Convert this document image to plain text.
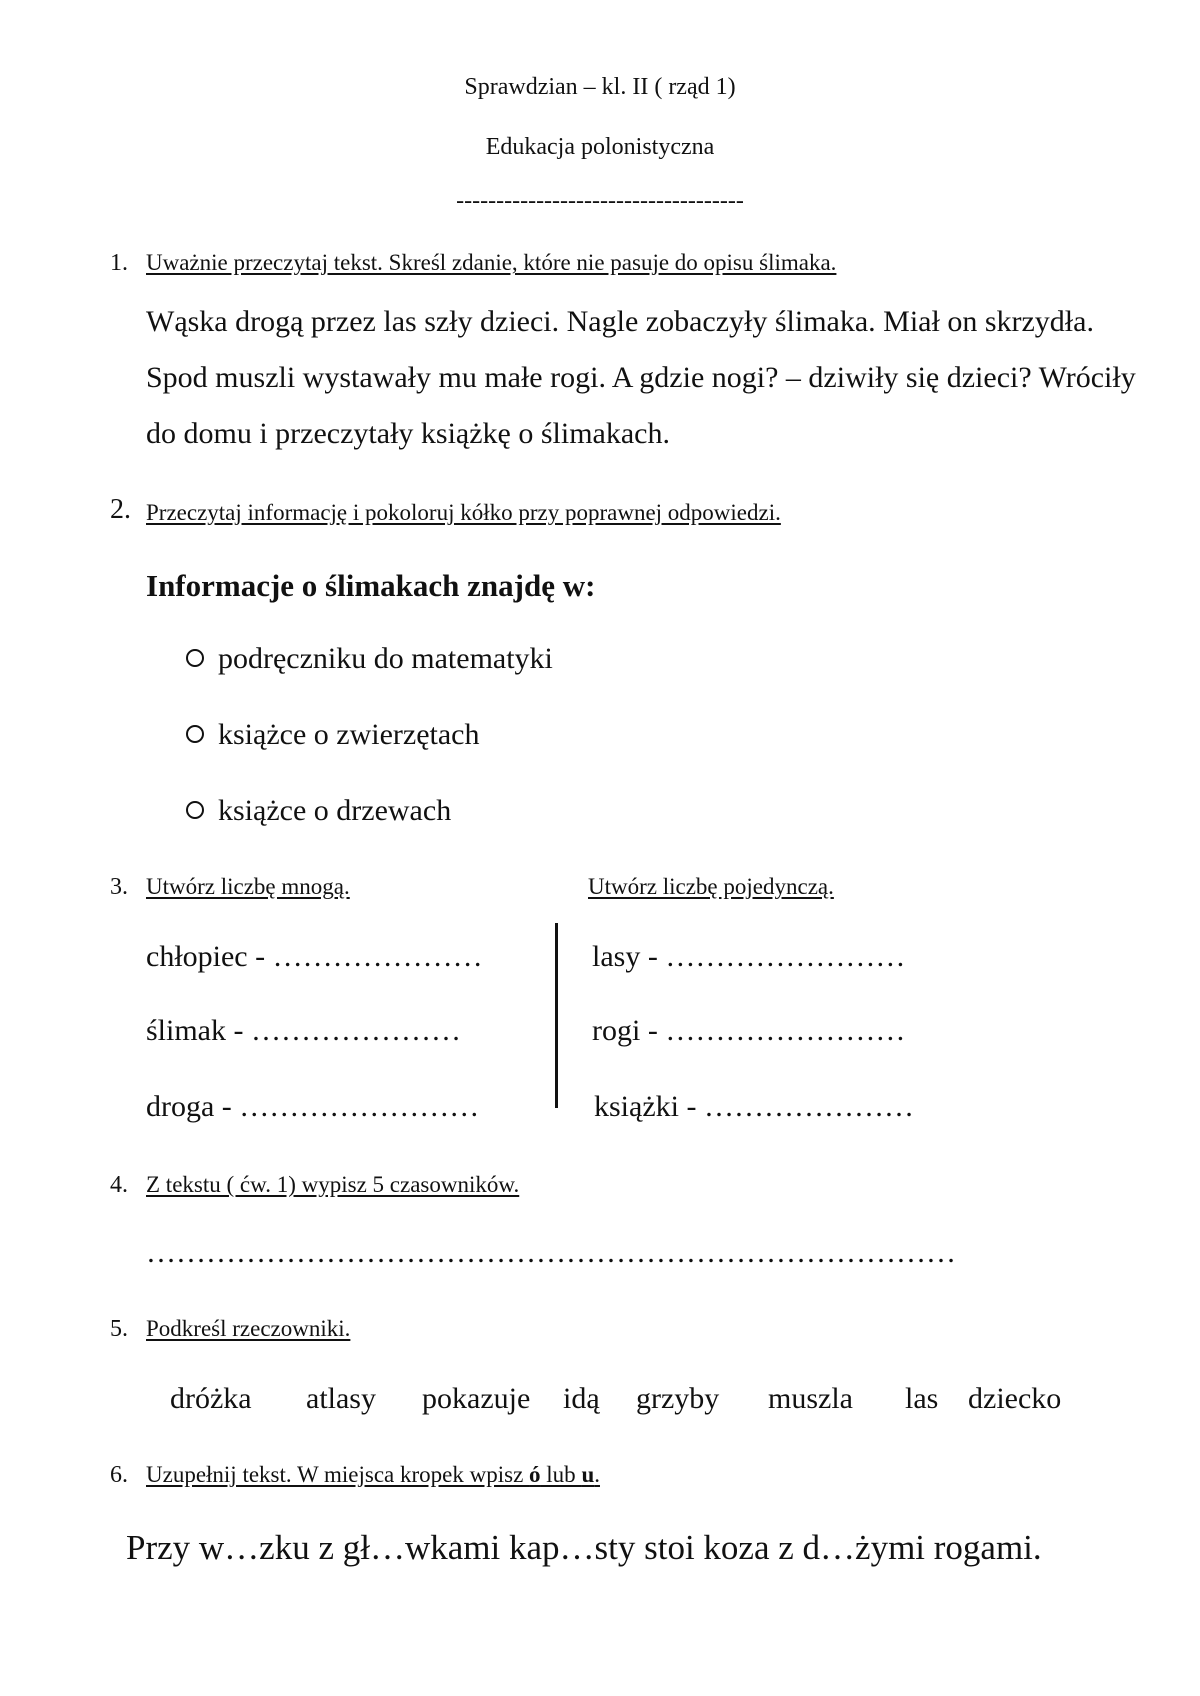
Sprawdzian – kl. II ( rząd 1)
Edukacja polonistyczna
------------------------------------
1. Uważnie przeczytaj tekst. Skreśl zdanie, które nie pasuje do opisu ślimaka.
Wąska drogą przez las szły dzieci. Nagle zobaczyły ślimaka. Miał on skrzydła. Spod muszli wystawały mu małe rogi. A gdzie nogi? – dziwiły się dzieci? Wróciły do domu i przeczytały książkę o ślimakach.
2. Przeczytaj informację i pokoloruj kółko przy poprawnej odpowiedzi.
Informacje o ślimakach znajdę w:
podręczniku do matematyki
książce o zwierzętach
książce o drzewach
3. Utwórz liczbę mnogą.	Utwórz liczbę pojedynczą.
chłopiec - …………………
ślimak - …………………
droga - ……………………
lasy - ……………………
rogi - ……………………
książki - …………………
4. Z tekstu ( ćw. 1) wypisz 5 czasowników.
………………………………………………………………………
5. Podkreśl rzeczowniki.
dróżka atlasy pokazuje idą grzyby muszla las dziecko
6. Uzupełnij tekst. W miejsca kropek wpisz ó lub u.
Przy w…zku z gł…wkami kap…sty stoi koza z d…żymi rogami.
